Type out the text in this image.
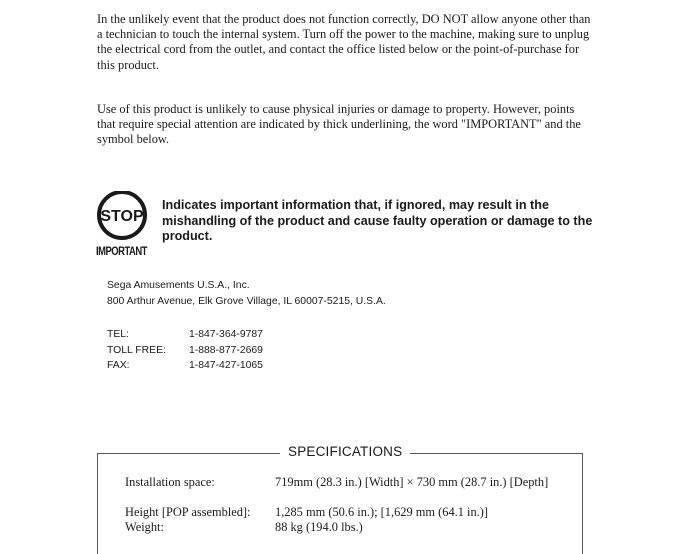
In the unlikely event that the product does not function correctly, DO NOT allow anyone other than a technician to touch the internal system. Turn off the power to the machine, making sure to unplug the electrical cord from the outlet, and contact the office listed below or the point-of-purchase for this product.

Use of this product is unlikely to cause physical injuries or damage to property. However, points that require special attention are indicated by thick underlining, the word "IMPORTANT" and the symbol below.

STOP
IMPORTANT

Indicates important information that, if ignored, may result in the mishandling of the product and cause faulty operation or damage to the product.

Sega Amusements U.S.A., Inc.
800 Arthur Avenue, Elk Grove Village, IL 60007-5215, U.S.A.
TEL:	1-847-364-9787
TOLL FREE: 1-888-877-2669
FAX:	1-847-427-1065
SPECIFICATIONS
Installation space:	719mm (28.3 in.) [Width] × 730 mm (28.7 in.) [Depth]
Height [POP assembled]: 1,285 mm (50.6 in.); [1,629 mm (64.1 in.)]
Weight:	88 kg (194.0 lbs.)
